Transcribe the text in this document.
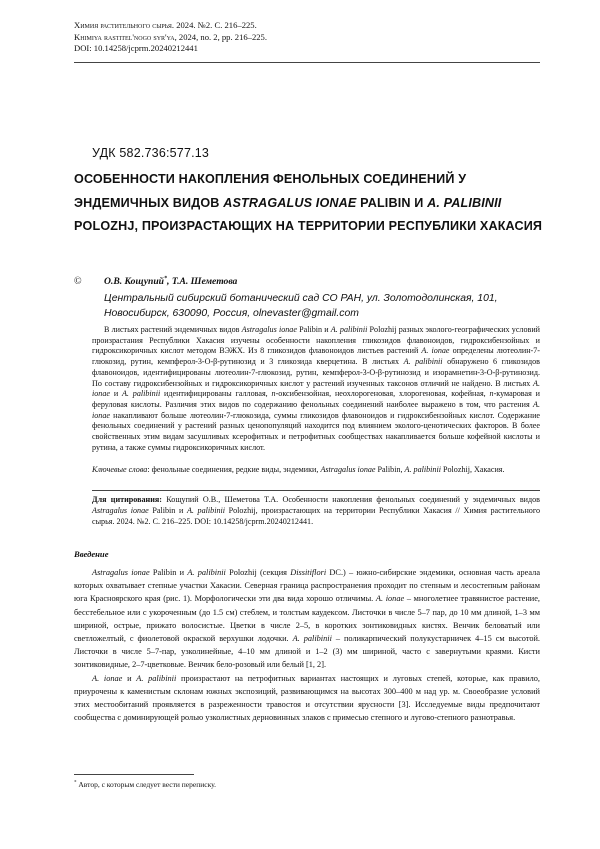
Химия растительного сырья. 2024. №2. С. 216–225.
Khimiya rastitel'nogo syr'ya, 2024, no. 2, pp. 216–225.
DOI: 10.14258/jcprm.20240212441
УДК 582.736:577.13
ОСОБЕННОСТИ НАКОПЛЕНИЯ ФЕНОЛЬНЫХ СОЕДИНЕНИЙ У ЭНДЕМИЧНЫХ ВИДОВ ASTRAGALUS IONAE PALIBIN И A. PALIBINII POLOZHJ, ПРОИЗРАСТАЮЩИХ НА ТЕРРИТОРИИ РЕСПУБЛИКИ ХАКАСИЯ
© О.В. Кощупий*, Т.А. Шеметова
Центральный сибирский ботанический сад СО РАН, ул. Золотодолинская, 101, Новосибирск, 630090, Россия, olnevaster@gmail.com
В листьях растений эндемичных видов Astragalus ionae Palibin и A. palibinii Polozhij разных эколого-географических условий произрастания Республики Хакасия изучены особенности накопления гликозидов флавоноидов, гидроксибензойных и гидроксикоричных кислот методом ВЭЖХ. Из 8 гликозидов флавоноидов листьев растений A. ionae определены лютеолин-7-глюкозид, рутин, кемпферол-3-О-β-рутинозид и 3 гликозида кверцетина. В листьях A. palibinii обнаружено 6 гликозидов флавоноидов, идентифицированы лютеолин-7-глюкозид, рутин, кемпферол-3-О-β-рутинозид и изорамнетин-3-О-β-рутинозид. По составу гидроксибензойных и гидроксикоричных кислот у растений изученных таксонов отличий не найдено. В листьях A. ionae и A. palibinii идентифицированы галловая, n-оксибензойная, неохлорогеновая, хлорогеновая, кофейная, n-кумаровая и феруловая кислоты. Различия этих видов по содержанию фенольных соединений наиболее выражено в том, что растения A. ionae накапливают больше лютеолин-7-глюкозида, суммы гликозидов флавоноидов и гидроксибензойных кислот. Содержание фенольных соединений у растений разных ценопопуляций находится под влиянием эколого-ценотических факторов. В более свойственных этим видам засушливых ксерофитных и петрофитных сообществах накапливается больше кофейной кислоты и рутина, а также суммы гидроксикоричных кислот.
Ключевые слова: фенольные соединения, редкие виды, эндемики, Astragalus ionae Palibin, A. palibinii Polozhij, Хакасия.
Для цитирования: Кощупий О.В., Шеметова Т.А. Особенности накопления фенольных соединений у эндемичных видов Astragalus ionae Palibin и A. palibinii Polozhij, произрастающих на территории Республики Хакасия // Химия растительного сырья. 2024. №2. С. 216–225. DOI: 10.14258/jcprm.20240212441.
Введение

Astragalus ionae Palibin и A. palibinii Polozhij (секция Dissitiflori DC.) – южно-сибирские эндемики, основная часть ареала которых охватывает степные участки Хакасии. Северная граница распространения проходит по степным и лесостепным районам юга Красноярского края (рис. 1). Морфологически эти два вида хорошо отличимы. A. ionae – многолетнее травянистое растение, бесстебельное или с укороченным (до 1.5 см) стеблем, и толстым каудексом. Листочки в числе 5–7 пар, до 10 мм длиной, 1–3 мм шириной, острые, прижато волосистые. Цветки в числе 2–5, в коротких зонтиковидных кистях. Венчик беловатый или светложелтый, с фиолетовой окраской верхушки лодочки. A. palibinii – поликарпический полукустарничек 4–15 см высотой. Листочки в числе 5–7-пар, узколинейные, 4–10 мм длиной и 1–2 (3) мм шириной, часто с завернутыми краями. Кисти зонтиковидные, 2–7-цветковые. Венчик бело-розовый или белый [1, 2].

A. ionae и A. palibinii произрастают на петрофитных вариантах настоящих и луговых степей, которые, как правило, приурочены к каменистым склонам южных экспозиций, развивающимся на высотах 300–400 м над ур. м. Своеобразие условий этих местообитаний проявляется в разреженности травостоя и отсутствии ярусности [3]. Исследуемые виды предпочитают сообщества с доминирующей ролью узколистных дерновинных злаков с примесью степного и лугово-степного разнотравья.

* Автор, с которым следует вести переписку.
